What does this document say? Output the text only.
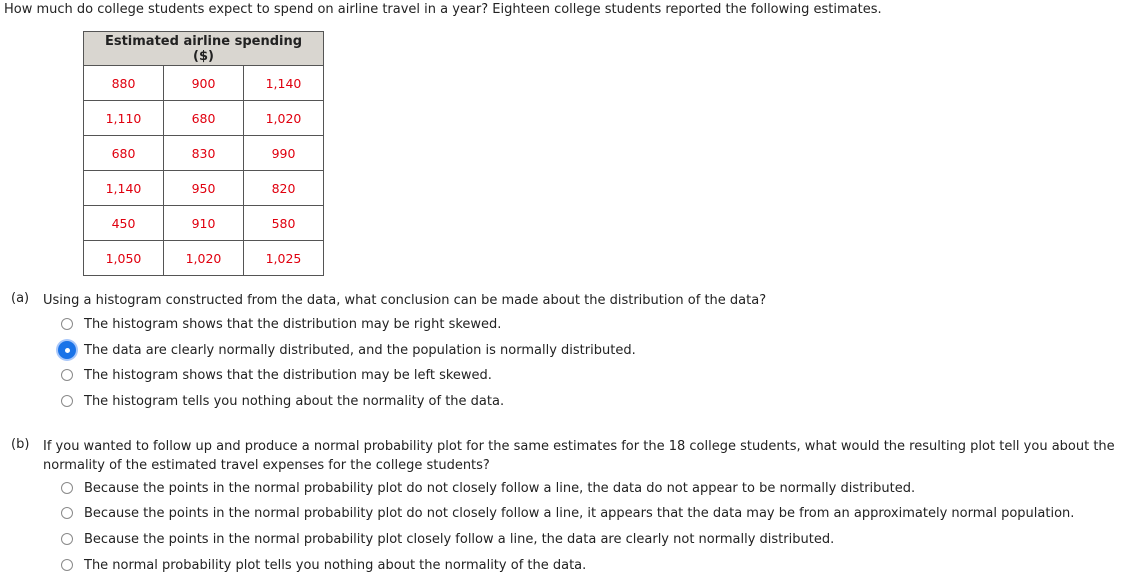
How much do college students expect to spend on airline travel in a year? Eighteen college students reported the following estimates.
Estimated airline spending ($)		
880	900	1,140
1,110	680	1,020
680	830	990
1,140	950	820
450	910	580
1,050	1,020	1,025
(a) Using a histogram constructed from the data, what conclusion can be made about the distribution of the data?
The histogram shows that the distribution may be right skewed.
The data are clearly normally distributed, and the population is normally distributed.
The histogram shows that the distribution may be left skewed.
The histogram tells you nothing about the normality of the data.
(b) If you wanted to follow up and produce a normal probability plot for the same estimates for the 18 college students, what would the resulting plot tell you about the
normality of the estimated travel expenses for the college students?
Because the points in the normal probability plot do not closely follow a line, the data do not appear to be normally distributed.
Because the points in the normal probability plot do not closely follow a line, it appears that the data may be from an approximately normal population.
Because the points in the normal probability plot closely follow a line, the data are clearly not normally distributed.
The normal probability plot tells you nothing about the normality of the data.
